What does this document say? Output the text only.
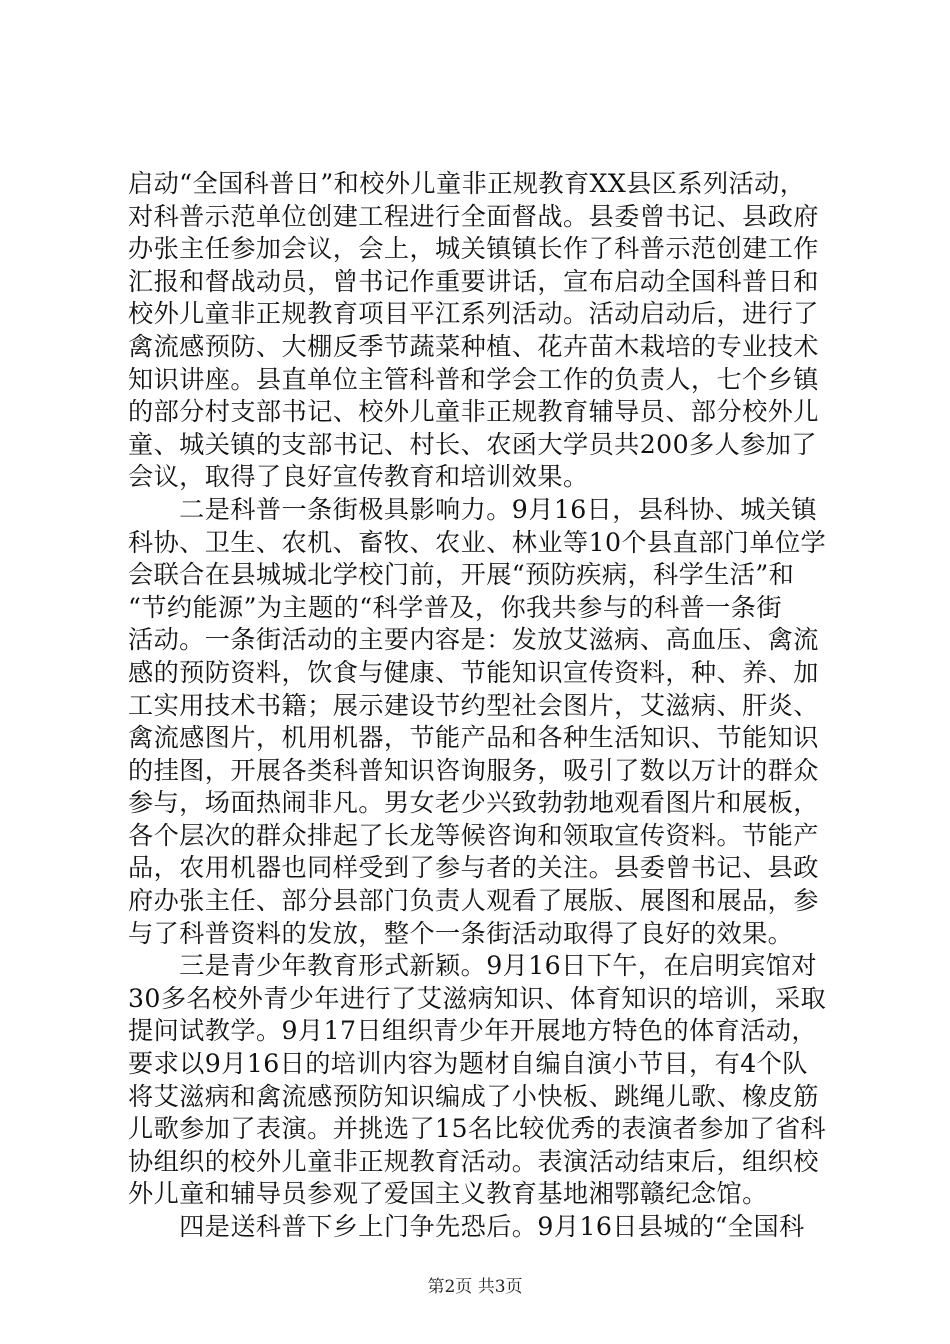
启动“全国科普日”和校外儿童非正规教育XX县区系列活动，
对科普示范单位创建工程进行全面督战。县委曾书记、县政府
办张主任参加会议，会上，城关镇镇长作了科普示范创建工作
汇报和督战动员，曾书记作重要讲话，宣布启动全国科普日和
校外儿童非正规教育项目平江系列活动。活动启动后，进行了
禽流感预防、大棚反季节蔬菜种植、花卉苗木栽培的专业技术
知识讲座。县直单位主管科普和学会工作的负责人，七个乡镇
的部分村支部书记、校外儿童非正规教育辅导员、部分校外儿
童、城关镇的支部书记、村长、农函大学员共200多人参加了
会议，取得了良好宣传教育和培训效果。

　　二是科普一条街极具影响力。9月16日，县科协、城关镇
科协、卫生、农机、畜牧、农业、林业等10个县直部门单位学
会联合在县城城北学校门前，开展“预防疾病，科学生活”和
“节约能源”为主题的“科学普及，你我共参与的科普一条街
活动。一条街活动的主要内容是：发放艾滋病、高血压、禽流
感的预防资料，饮食与健康、节能知识宣传资料，种、养、加
工实用技术书籍；展示建设节约型社会图片，艾滋病、肝炎、
禽流感图片，机用机器，节能产品和各种生活知识、节能知识
的挂图，开展各类科普知识咨询服务，吸引了数以万计的群众
参与，场面热闹非凡。男女老少兴致勃勃地观看图片和展板，
各个层次的群众排起了长龙等候咨询和领取宣传资料。节能产
品，农用机器也同样受到了参与者的关注。县委曾书记、县政
府办张主任、部分县部门负责人观看了展版、展图和展品，参
与了科普资料的发放，整个一条街活动取得了良好的效果。

　　三是青少年教育形式新颖。9月16日下午，在启明宾馆对
30多名校外青少年进行了艾滋病知识、体育知识的培训，采取
提问试教学。9月17日组织青少年开展地方特色的体育活动，
要求以9月16日的培训内容为题材自编自演小节目，有4个队
将艾滋病和禽流感预防知识编成了小快板、跳绳儿歌、橡皮筋
儿歌参加了表演。并挑选了15名比较优秀的表演者参加了省科
协组织的校外儿童非正规教育活动。表演活动结束后，组织校
外儿童和辅导员参观了爱国主义教育基地湘鄂赣纪念馆。

　　四是送科普下乡上门争先恐后。9月16日县城的“全国科

第2页 共3页
